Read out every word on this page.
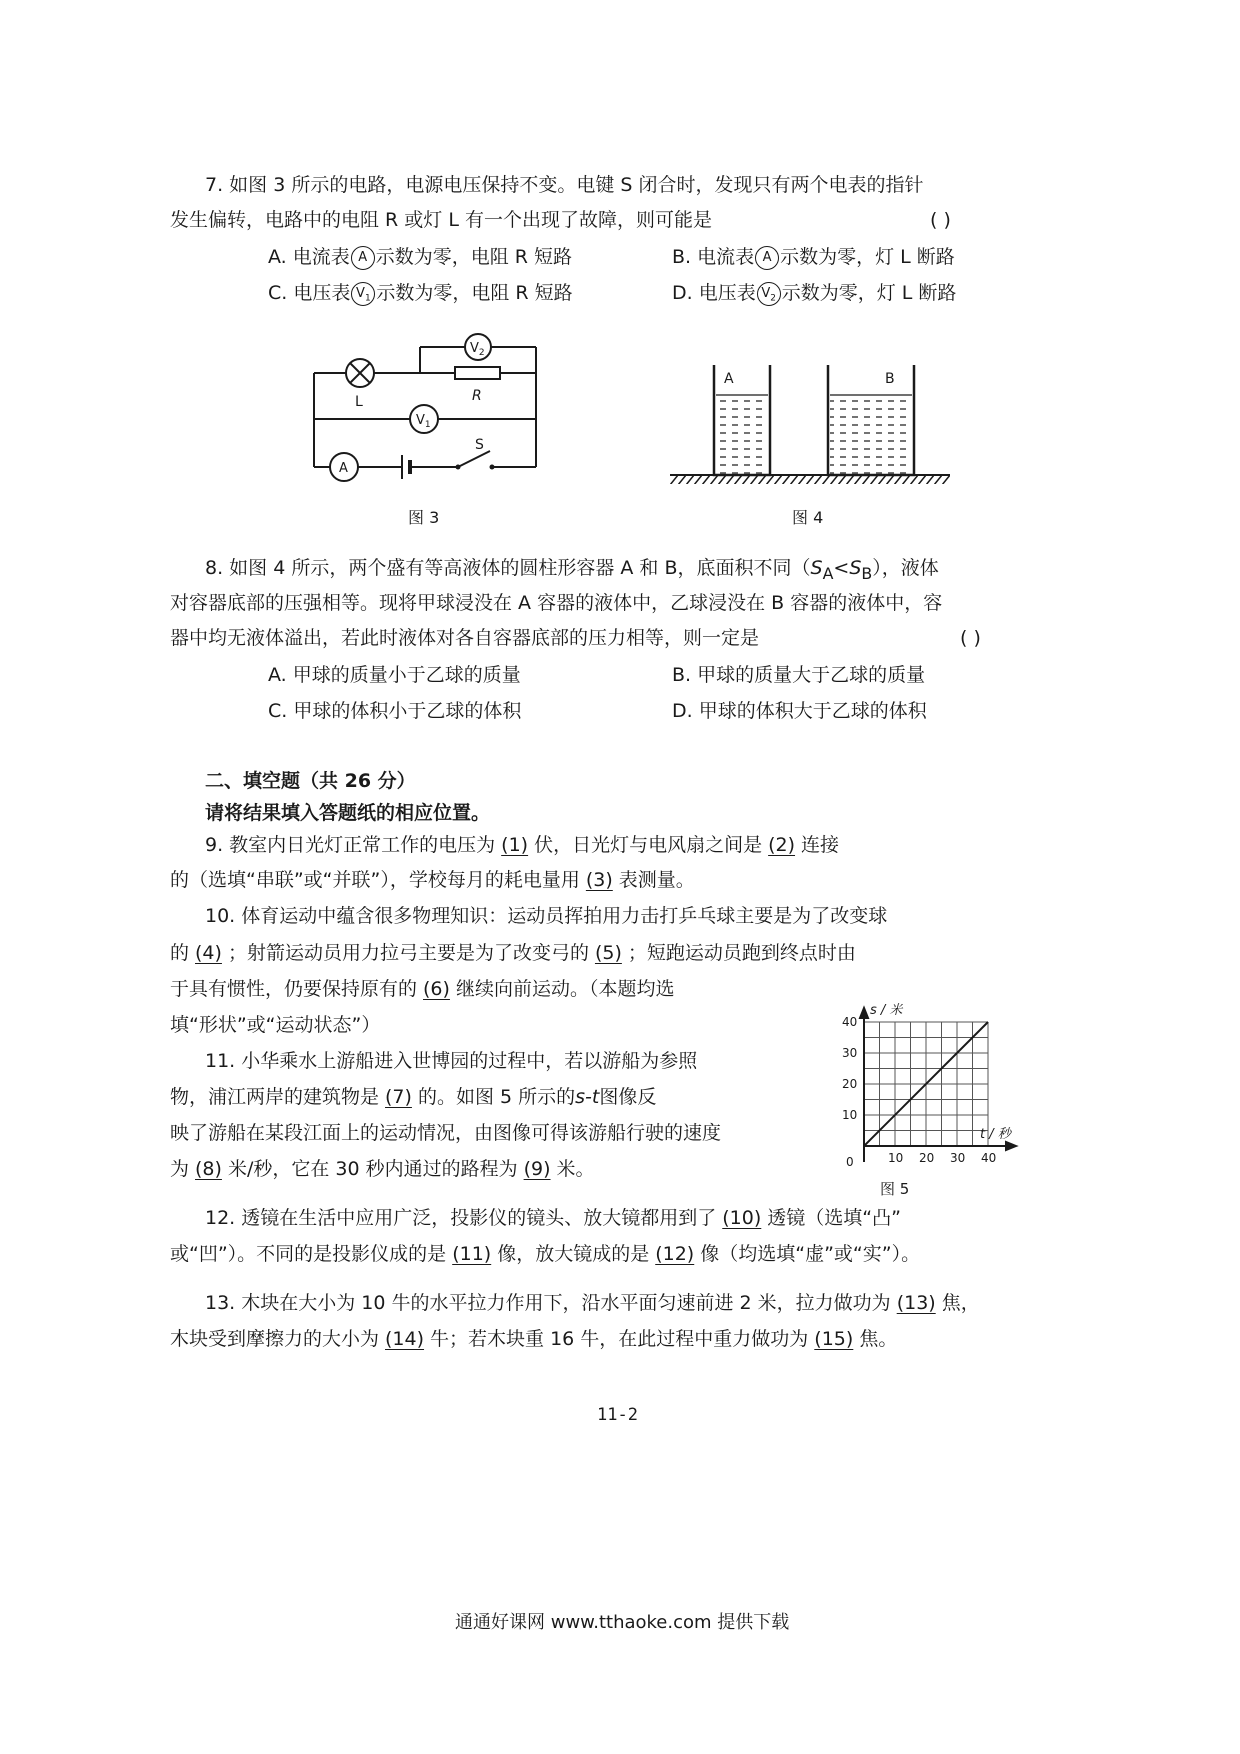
7. 如图 3 所示的电路，电源电压保持不变。电键 S 闭合时，发现只有两个电表的指针
发生偏转，电路中的电阻 R 或灯 L 有一个出现了故障，则可能是	( )
A. 电流表 A 示数为零，电阻 R 短路	B. 电流表 A 示数为零，灯 L 断路
C. 电压表 $V_1$ 示数为零，电阻 R 短路	D. 电压表 $V_2$ 示数为零，灯 L 断路
L
$V_2$
R
$V_1$
A
S
图 3
A	B
图 4
8. 如图 4 所示，两个盛有等高液体的圆柱形容器 A 和 B，底面积不同$(S_A<S_B)$，液体
对容器底部的压强相等。现将甲球浸没在 A 容器的液体中，乙球浸没在 B 容器的液体中，容
器中均无液体溢出，若此时液体对各自容器底部的压力相等，则一定是	( )
A. 甲球的质量小于乙球的质量	B. 甲球的质量大于乙球的质量
C. 甲球的体积小于乙球的体积	D. 甲球的体积大于乙球的体积
二、填空题（共 26 分）
请将结果填入答题纸的相应位置。
9. 教室内日光灯正常工作的电压为 (1) 伏，日光灯与电风扇之间是 (2) 连接
的（选填“串联”或“并联”），学校每月的耗电量用 (3) 表测量。
10. 体育运动中蕴含很多物理知识：运动员挥拍用力击打乒乓球主要是为了改变球
的 (4) ；射箭运动员用力拉弓主要是为了改变弓的 (5) ；短跑运动员跑到终点时由
于具有惯性，仍要保持原有的 (6) 继续向前运动。（本题均选
填“形状”或“运动状态”）
11. 小华乘水上游船进入世博园的过程中，若以游船为参照
物，浦江两岸的建筑物是 (7) 的。如图 5 所示的s-t图像反
映了游船在某段江面上的运动情况，由图像可得该游船行驶的速度
为 (8) 米/秒，它在 30 秒内通过的路程为 (9) 米。	10 20 30 40
10
20
30
40
s / 米
t / 秒
0
图 5
12. 透镜在生活中应用广泛，投影仪的镜头、放大镜都用到了 (10) 透镜（选填“凸”
或“凹”）。不同的是投影仪成的是 (11) 像，放大镜成的是 (12) 像（均选填“虚”或“实”）。
13. 木块在大小为 10 牛的水平拉力作用下，沿水平面匀速前进 2 米，拉力做功为 (13) 焦，
木块受到摩擦力的大小为 (14) 牛；若木块重 16 牛，在此过程中重力做功为 (15) 焦。
11-2
通通好课网 www.tthaoke.com 提供下载
